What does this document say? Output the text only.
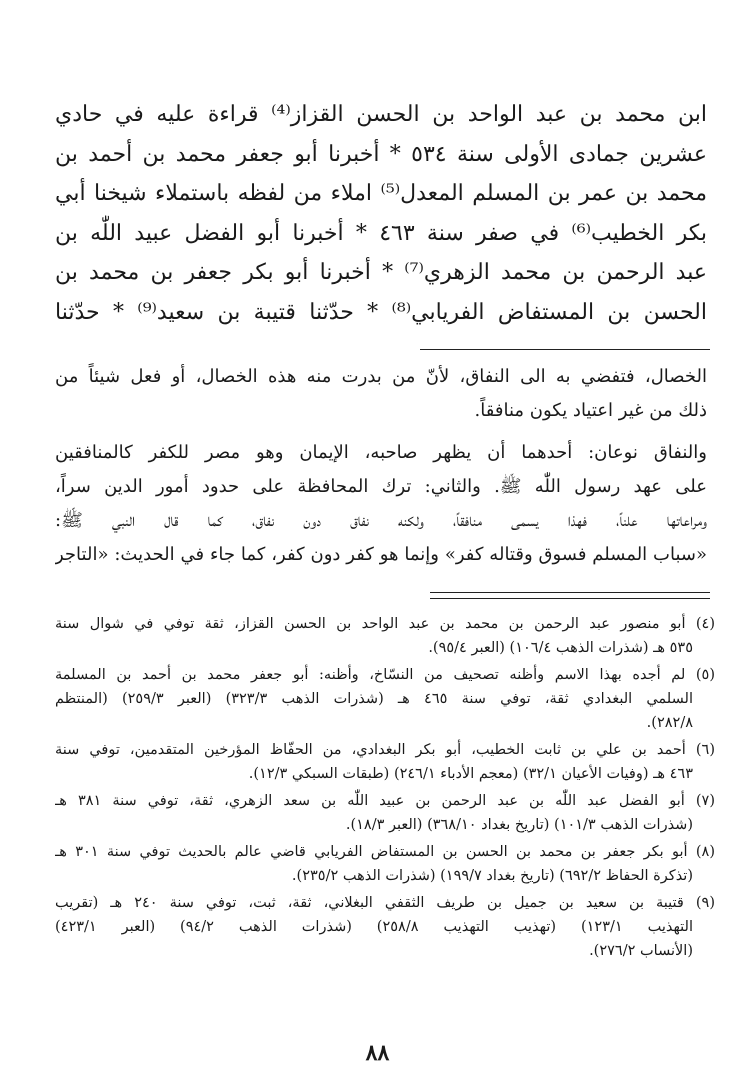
ابن محمد بن عبد الواحد بن الحسن القزاز⁽⁴⁾ قراءة عليه في حادي
عشرين جمادى الأولى سنة ٥٣٤ * أخبرنا أبو جعفر محمد بن أحمد بن
محمد بن عمر بن المسلم المعدل⁽⁵⁾ املاء من لفظه باستملاء شيخنا أبي
بكر الخطيب⁽⁶⁾ في صفر سنة ٤٦٣ * أخبرنا أبو الفضل عبيد اللّٰه بن
عبد الرحمن بن محمد الزهري⁽⁷⁾ * أخبرنا أبو بكر جعفر بن محمد بن
الحسن بن المستفاض الفريابي⁽⁸⁾ * حدّثنا قتيبة بن سعيد⁽⁹⁾ * حدّثنا
الخصال، فتفضي به الى النفاق، لأنّ من بدرت منه هذه الخصال، أو فعل شيئاً من
ذلك من غير اعتياد يكون منافقاً.
والنفاق نوعان: أحدهما أن يظهر صاحبه، الإيمان وهو مصر للكفر كالمنافقين
على عهد رسول اللّٰه ﷺ. والثاني: ترك المحافظة على حدود أمور الدين سراً،
ومراعاتها علناً، فهذا يسمى منافقاً، ولكنه نفاق دون نفاق، كما قال النبي ﷺ:
«سباب المسلم فسوق وقتاله كفر» وإنما هو كفر دون كفر، كما جاء في الحديث: «التاجر
(٤) أبو منصور عبد الرحمن بن محمد بن عبد الواحد بن الحسن القزاز، ثقة توفي في شوال سنة
٥٣٥ هـ (شذرات الذهب ١٠٦/٤) (العبر ٩٥/٤).
(٥) لم أجده بهذا الاسم وأظنه تصحيف من النسّاخ، وأظنه: أبو جعفر محمد بن أحمد بن المسلمة
السلمي البغدادي ثقة، توفي سنة ٤٦٥ هـ (شذرات الذهب ٣٢٣/٣) (العبر ٢٥٩/٣) (المنتظم
٢٨٢/٨).
(٦) أحمد بن علي بن ثابت الخطيب، أبو بكر البغدادي، من الحفّاظ المؤرخين المتقدمين، توفي سنة
٤٦٣ هـ (وفيات الأعيان ٣٢/١) (معجم الأدباء ٢٤٦/١) (طبقات السبكي ١٢/٣).
(٧) أبو الفضل عبد اللّٰه بن عبد الرحمن بن عبيد اللّٰه بن سعد الزهري، ثقة، توفي سنة ٣٨١ هـ
(شذرات الذهب ١٠١/٣) (تاريخ بغداد ٣٦٨/١٠) (العبر ١٨/٣).
(٨) أبو بكر جعفر بن محمد بن الحسن بن المستفاض الفريابي قاضي عالم بالحديث توفي سنة ٣٠١ هـ
(تذكرة الحفاظ ٦٩٢/٢) (تاريخ بغداد ١٩٩/٧) (شذرات الذهب ٢٣٥/٢).
(٩) قتيبة بن سعيد بن جميل بن طريف الثقفي البغلاني، ثقة، ثبت، توفي سنة ٢٤٠ هـ (تقريب
التهذيب ١٢٣/١) (تهذيب التهذيب ٢٥٨/٨) (شذرات الذهب ٩٤/٢) (العبر ٤٢٣/١)
(الأنساب ٢٧٦/٢).
٨٨
